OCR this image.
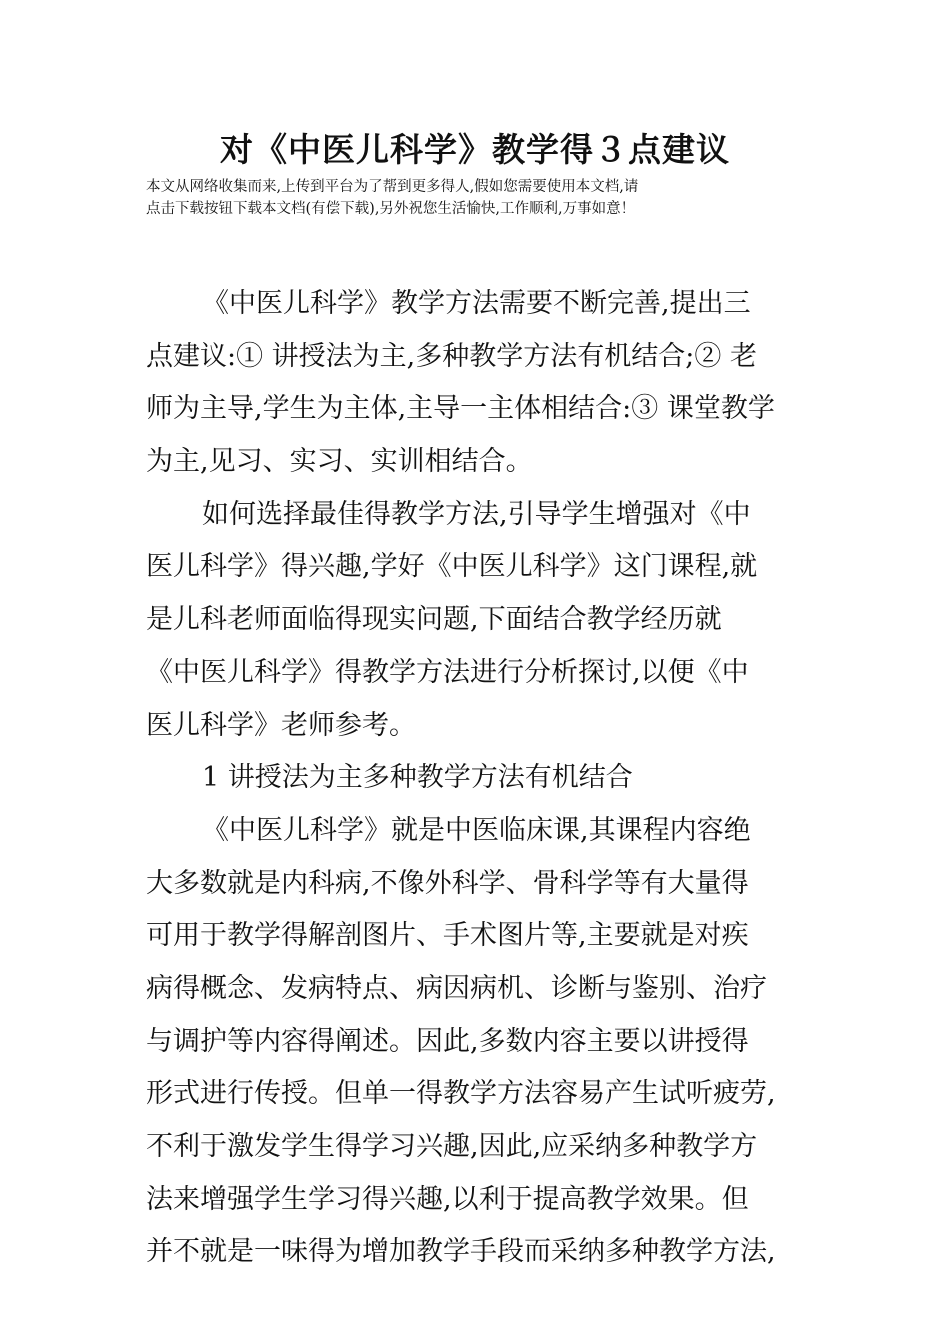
对《中医儿科学》教学得３点建议
本文从网络收集而来,上传到平台为了帮到更多得人,假如您需要使用本文档,请
点击下载按钮下载本文档(有偿下载),另外祝您生活愉快,工作顺利,万事如意！
《中医儿科学》教学方法需要不断完善,提出三
点建议:① 讲授法为主,多种教学方法有机结合;② 老
师为主导,学生为主体,主导一主体相结合:③ 课堂教学
为主,见习、实习、实训相结合。
如何选择最佳得教学方法,引导学生增强对《中
医儿科学》得兴趣,学好《中医儿科学》这门课程,就
是儿科老师面临得现实问题,下面结合教学经历就
《中医儿科学》得教学方法进行分析探讨,以便《中
医儿科学》老师参考。
1 讲授法为主多种教学方法有机结合
《中医儿科学》就是中医临床课,其课程内容绝
大多数就是内科病,不像外科学、骨科学等有大量得
可用于教学得解剖图片、手术图片等,主要就是对疾
病得概念、发病特点、病因病机、诊断与鉴别、治疗
与调护等内容得阐述。因此,多数内容主要以讲授得
形式进行传授。但单一得教学方法容易产生试听疲劳,
不利于激发学生得学习兴趣,因此,应采纳多种教学方
法来增强学生学习得兴趣,以利于提高教学效果。但
并不就是一味得为增加教学手段而采纳多种教学方法,
